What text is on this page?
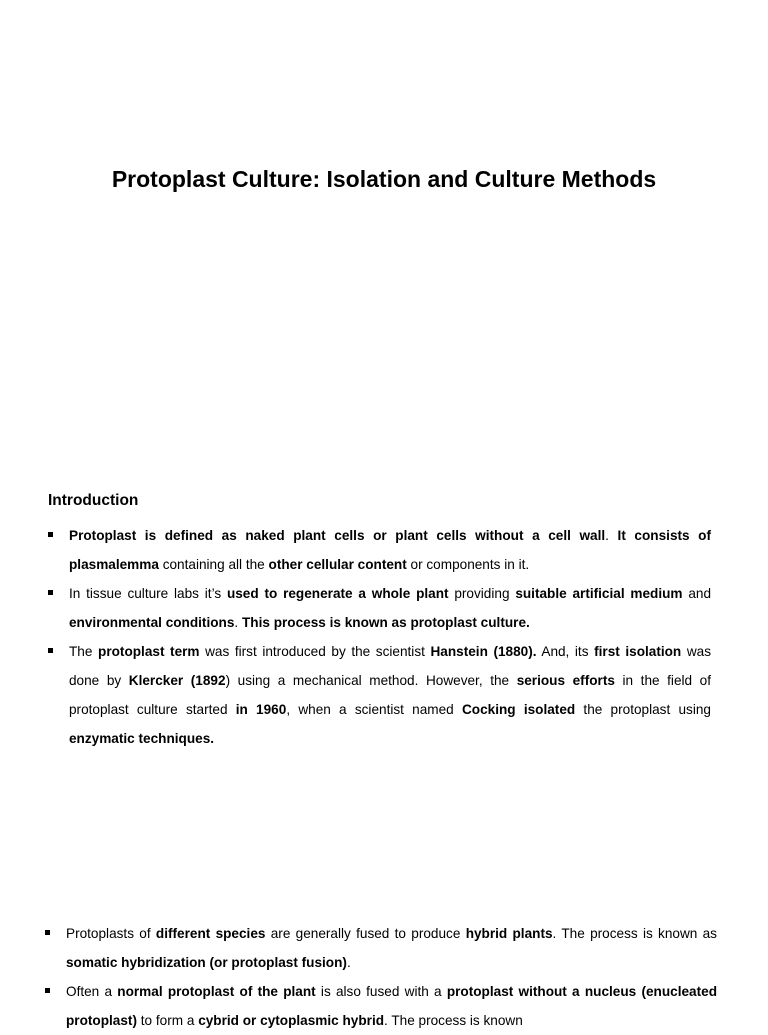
Protoplast Culture: Isolation and Culture Methods
Introduction
Protoplast is defined as naked plant cells or plant cells without a cell wall. It consists of plasmalemma containing all the other cellular content or components in it.
In tissue culture labs it’s used to regenerate a whole plant providing suitable artificial medium and environmental conditions. This process is known as protoplast culture.
The protoplast term was first introduced by the scientist Hanstein (1880). And, its first isolation was done by Klercker (1892) using a mechanical method. However, the serious efforts in the field of protoplast culture started in 1960, when a scientist named Cocking isolated the protoplast using enzymatic techniques.
Protoplasts of different species are generally fused to produce hybrid plants. The process is known as somatic hybridization (or protoplast fusion).
Often a normal protoplast of the plant is also fused with a protoplast without a nucleus (enucleated protoplast) to form a cybrid or cytoplasmic hybrid. The process is known
